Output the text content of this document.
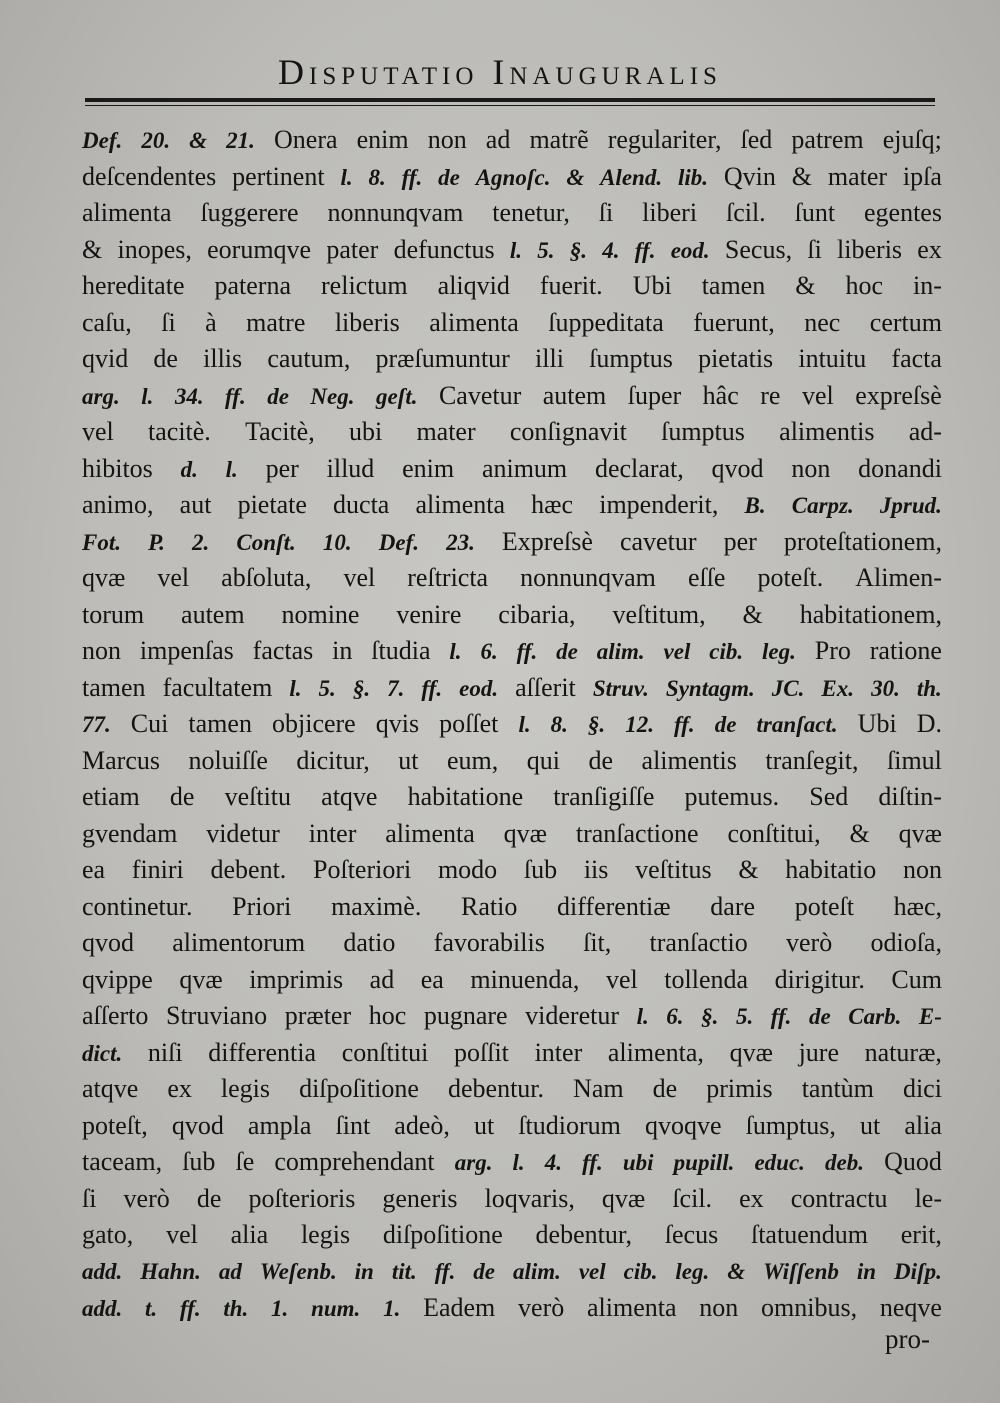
Disputatio Inauguralis
Def. 20. & 21. Onera enim non ad matrẽ regulariter, ſed patrem ejuſq;
deſcendentes pertinent l. 8. ff. de Agnoſc. & Alend. lib. Qvin & mater ipſa
alimenta ſuggerere nonnunqvam tenetur, ſi liberi ſcil. ſunt egentes
& inopes, eorumqve pater defunctus l. 5. §. 4. ff. eod. Secus, ſi liberis ex
hereditate paterna relictum aliqvid fuerit. Ubi tamen & hoc in-
caſu, ſi à matre liberis alimenta ſuppeditata fuerunt, nec certum
qvid de illis cautum, præſumuntur illi ſumptus pietatis intuitu facta
arg. l. 34. ff. de Neg. geſt. Cavetur autem ſuper hâc re vel expreſsè
vel tacitè. Tacitè, ubi mater conſignavit ſumptus alimentis ad-
hibitos d. l. per illud enim animum declarat, qvod non donandi
animo, aut pietate ducta alimenta hæc impenderit, B. Carpz. Jprud.
Fot. P. 2. Conſt. 10. Def. 23. Expreſsè cavetur per proteſtationem,
qvæ vel abſoluta, vel reſtricta nonnunqvam eſſe poteſt. Alimen-
torum autem nomine venire cibaria, veſtitum, & habitationem,
non impenſas factas in ſtudia l. 6. ff. de alim. vel cib. leg. Pro ratione
tamen facultatem l. 5. §. 7. ff. eod. aſſerit Struv. Syntagm. JC. Ex. 30. th.
77. Cui tamen objicere qvis poſſet l. 8. §. 12. ff. de tranſact. Ubi D.
Marcus noluiſſe dicitur, ut eum, qui de alimentis tranſegit, ſimul
etiam de veſtitu atqve habitatione tranſigiſſe putemus. Sed diſtin-
gvendam videtur inter alimenta qvæ tranſactione conſtitui, & qvæ
ea finiri debent. Poſteriori modo ſub iis veſtitus & habitatio non
continetur. Priori maximè. Ratio differentiæ dare poteſt hæc,
qvod alimentorum datio favorabilis ſit, tranſactio verò odioſa,
qvippe qvæ imprimis ad ea minuenda, vel tollenda dirigitur. Cum
aſſerto Struviano præter hoc pugnare videretur l. 6. §. 5. ff. de Carb. E-
dict. niſi differentia conſtitui poſſit inter alimenta, qvæ jure naturæ,
atqve ex legis diſpoſitione debentur. Nam de primis tantùm dici
poteſt, qvod ampla ſint adeò, ut ſtudiorum qvoqve ſumptus, ut alia
taceam, ſub ſe comprehendant arg. l. 4. ff. ubi pupill. educ. deb. Quod
ſi verò de poſterioris generis loqvaris, qvæ ſcil. ex contractu le-
gato, vel alia legis diſpoſitione debentur, ſecus ſtatuendum erit,
add. Hahn. ad Weſenb. in tit. ff. de alim. vel cib. leg. & Wiſſenb in Diſp.
add. t. ff. th. 1. num. 1. Eadem verò alimenta non omnibus, neqve
pro-
